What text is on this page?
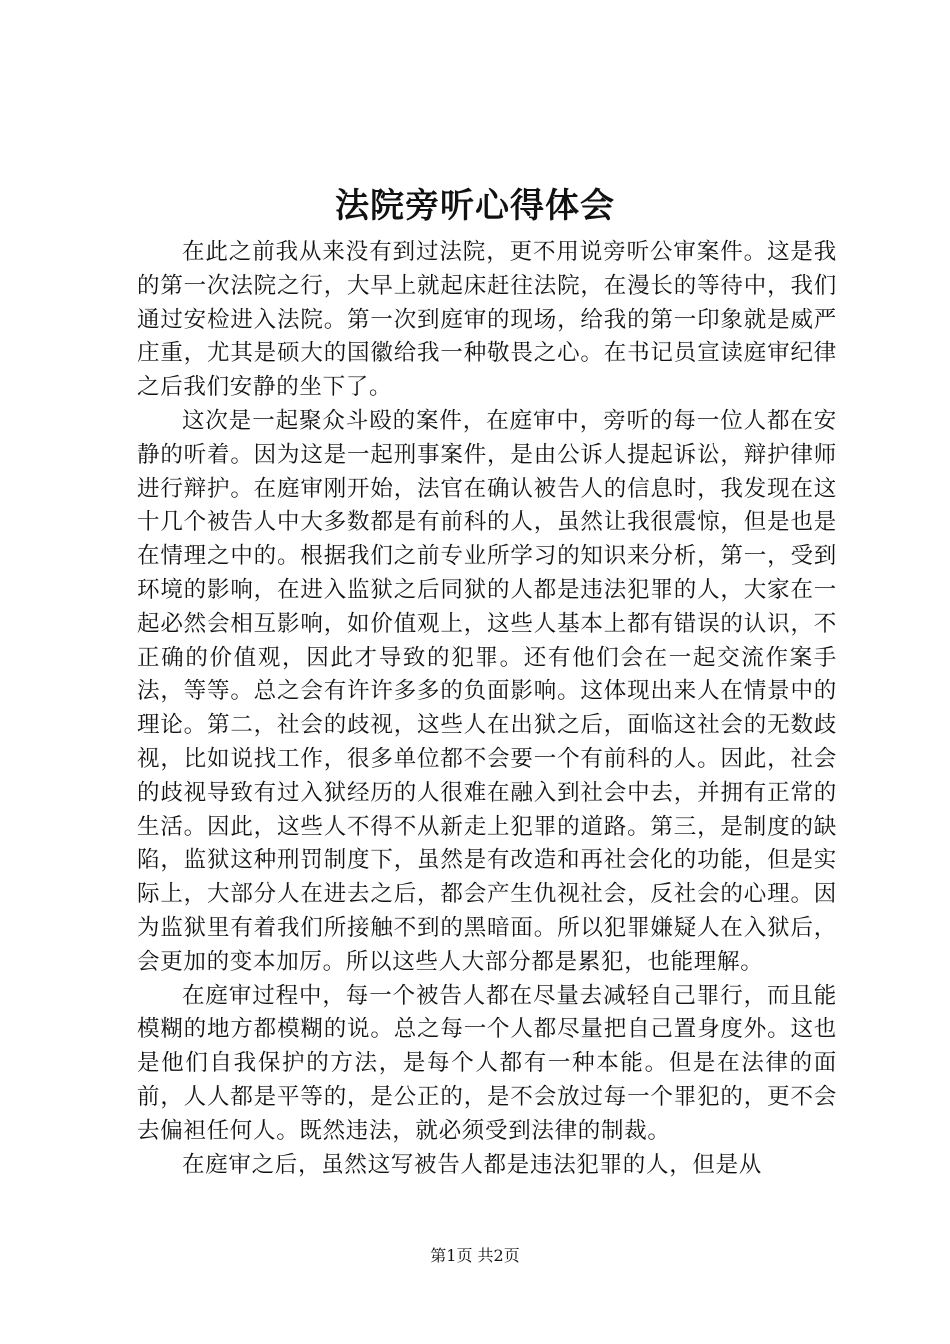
法院旁听心得体会

在此之前我从来没有到过法院，更不用说旁听公审案件。这是我的第一次法院之行，大早上就起床赶往法院，在漫长的等待中，我们通过安检进入法院。第一次到庭审的现场，给我的第一印象就是威严庄重，尤其是硕大的国徽给我一种敬畏之心。在书记员宣读庭审纪律之后我们安静的坐下了。

这次是一起聚众斗殴的案件，在庭审中，旁听的每一位人都在安静的听着。因为这是一起刑事案件，是由公诉人提起诉讼，辩护律师进行辩护。在庭审刚开始，法官在确认被告人的信息时，我发现在这十几个被告人中大多数都是有前科的人，虽然让我很震惊，但是也是在情理之中的。根据我们之前专业所学习的知识来分析，第一，受到环境的影响，在进入监狱之后同狱的人都是违法犯罪的人，大家在一起必然会相互影响，如价值观上，这些人基本上都有错误的认识，不正确的价值观，因此才导致的犯罪。还有他们会在一起交流作案手法，等等。总之会有许许多多的负面影响。这体现出来人在情景中的理论。第二，社会的歧视，这些人在出狱之后，面临这社会的无数歧视，比如说找工作，很多单位都不会要一个有前科的人。因此，社会的歧视导致有过入狱经历的人很难在融入到社会中去，并拥有正常的生活。因此，这些人不得不从新走上犯罪的道路。第三，是制度的缺陷，监狱这种刑罚制度下，虽然是有改造和再社会化的功能，但是实际上，大部分人在进去之后，都会产生仇视社会，反社会的心理。因为监狱里有着我们所接触不到的黑暗面。所以犯罪嫌疑人在入狱后，会更加的变本加厉。所以这些人大部分都是累犯，也能理解。

在庭审过程中，每一个被告人都在尽量去减轻自己罪行，而且能模糊的地方都模糊的说。总之每一个人都尽量把自己置身度外。这也是他们自我保护的方法，是每个人都有一种本能。但是在法律的面前，人人都是平等的，是公正的，是不会放过每一个罪犯的，更不会去偏袒任何人。既然违法，就必须受到法律的制裁。

在庭审之后，虽然这写被告人都是违法犯罪的人，但是从

第1页 共2页
